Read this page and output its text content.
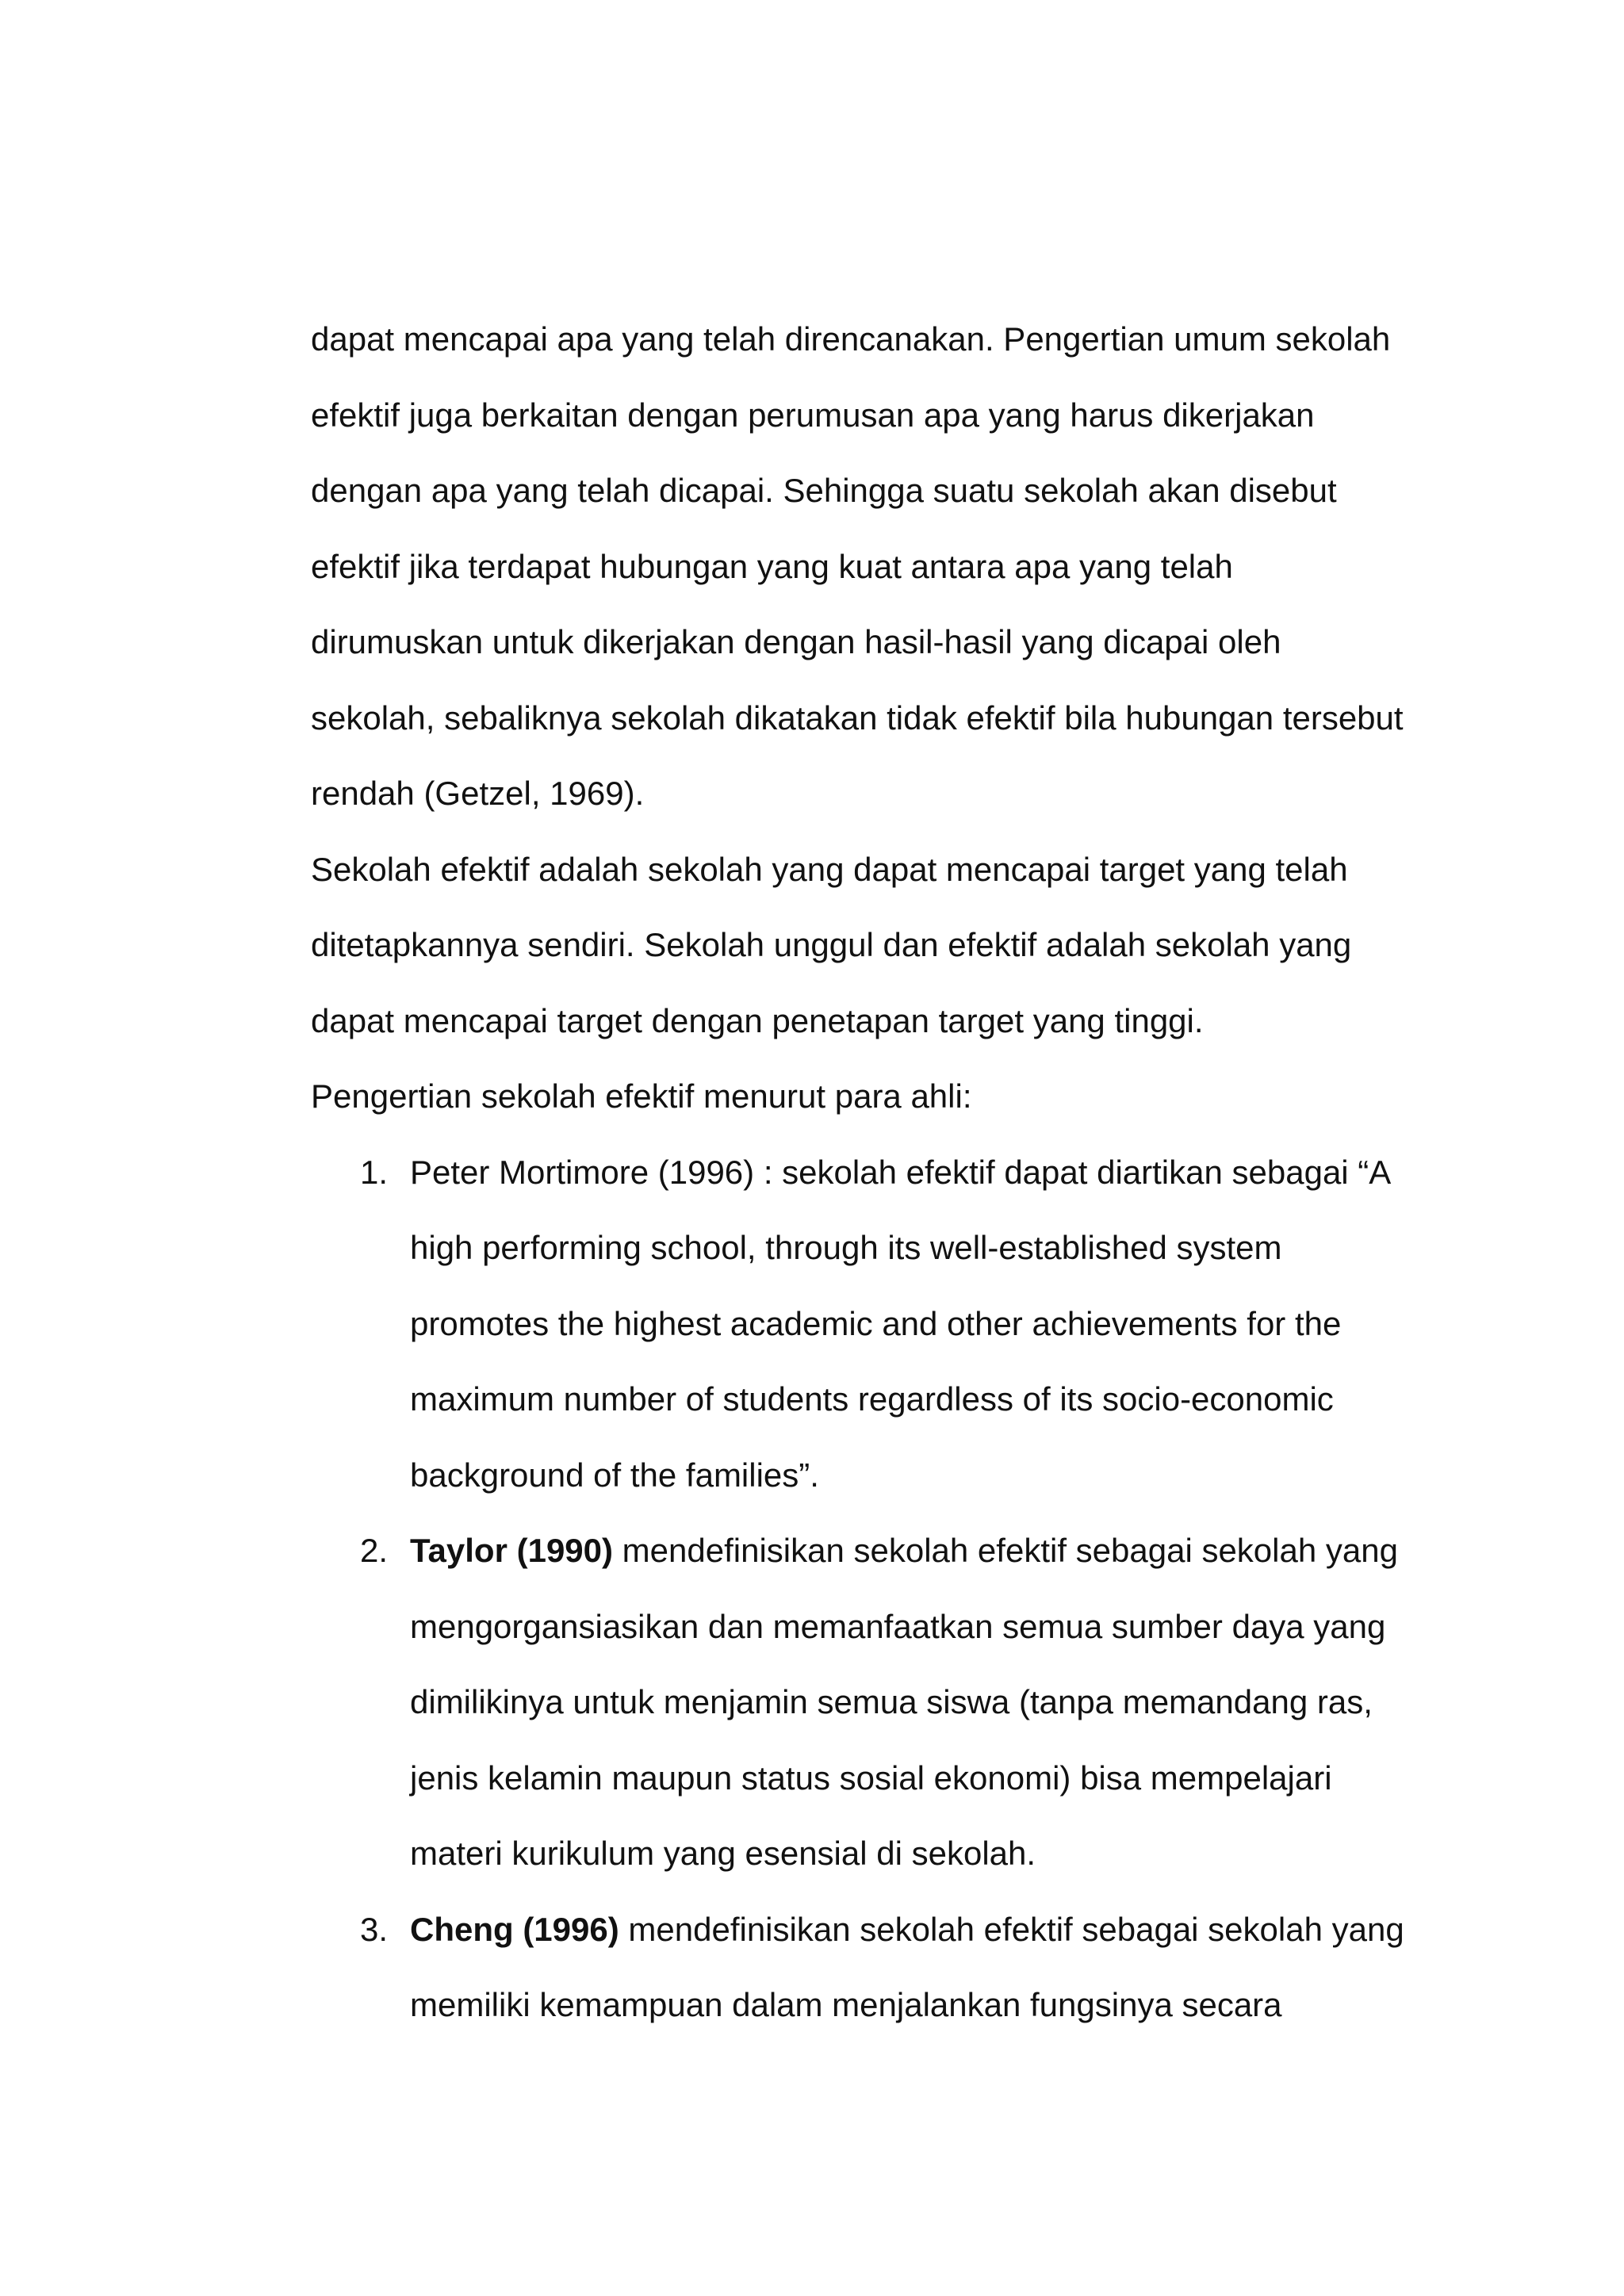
dapat mencapai apa yang telah direncanakan. Pengertian umum sekolah
efektif juga berkaitan dengan perumusan apa yang harus dikerjakan
dengan apa yang telah dicapai. Sehingga suatu sekolah akan disebut
efektif jika terdapat hubungan yang kuat antara apa yang telah
dirumuskan untuk dikerjakan dengan hasil-hasil yang dicapai oleh
sekolah, sebaliknya sekolah dikatakan tidak efektif bila hubungan tersebut
rendah (Getzel, 1969).
Sekolah efektif adalah sekolah yang dapat mencapai target yang telah
ditetapkannya sendiri. Sekolah unggul dan efektif adalah sekolah yang
dapat mencapai target dengan penetapan target yang tinggi.
Pengertian sekolah efektif menurut para ahli:
1. Peter Mortimore (1996) : sekolah efektif dapat diartikan sebagai “A
high performing school, through its well-established system
promotes the highest academic and other achievements for the
maximum number of students regardless of its socio-economic
background of the families”.
2. Taylor (1990) mendefinisikan sekolah efektif sebagai sekolah yang
mengorgansiasikan dan memanfaatkan semua sumber daya yang
dimilikinya untuk menjamin semua siswa (tanpa memandang ras,
jenis kelamin maupun status sosial ekonomi) bisa mempelajari
materi kurikulum yang esensial di sekolah.
3. Cheng (1996) mendefinisikan sekolah efektif sebagai sekolah yang
memiliki kemampuan dalam menjalankan fungsinya secara
